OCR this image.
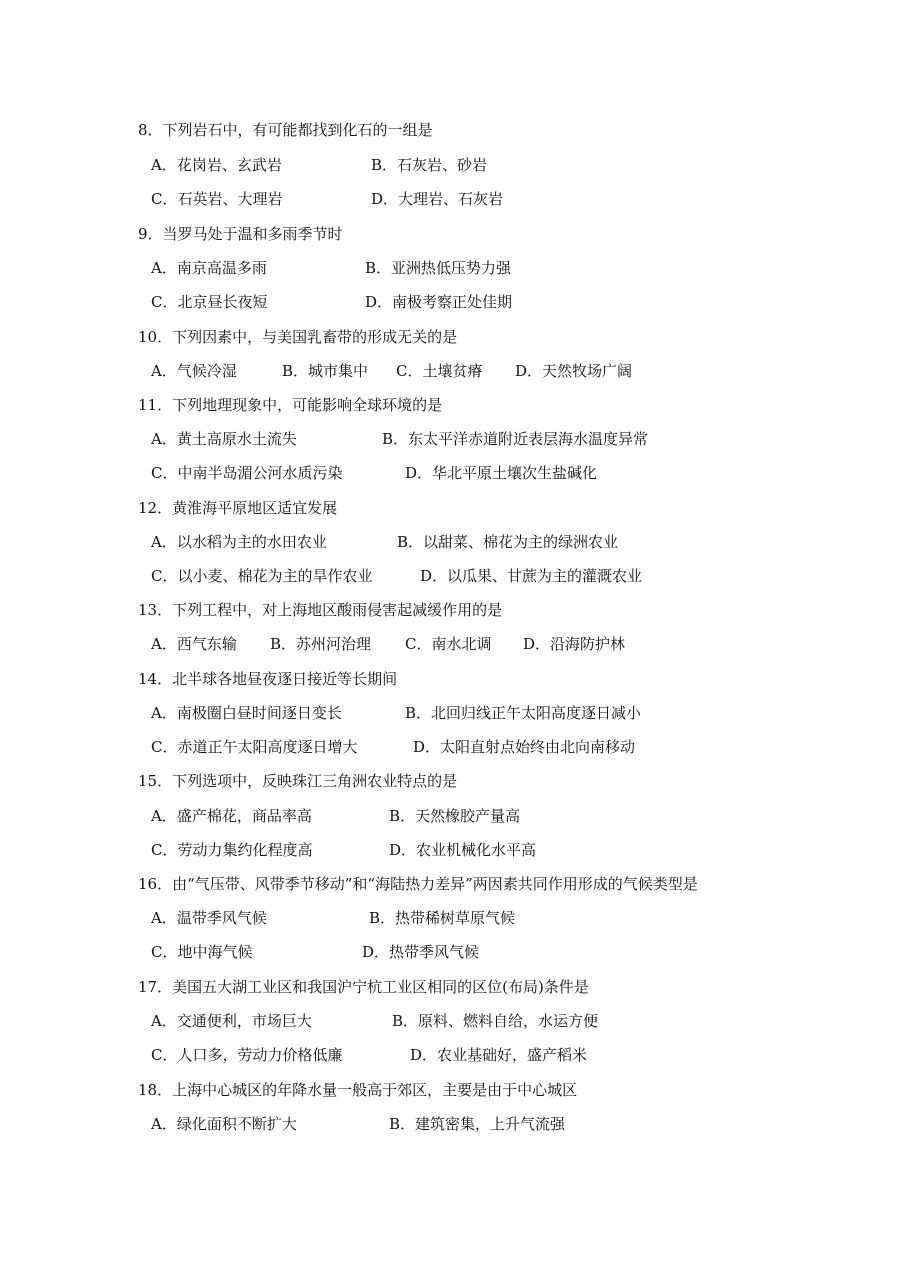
8．下列岩石中，有可能都找到化石的一组是
A．花岗岩、玄武岩	B．石灰岩、砂岩
C．石英岩、大理岩	D．大理岩、石灰岩
9．当罗马处于温和多雨季节时
A．南京高温多雨	B．亚洲热低压势力强
C．北京昼长夜短	D．南极考察正处佳期
10．下列因素中，与美国乳畜带的形成无关的是
A．气候冷湿	B．城市集中 C．土壤贫瘠 D．天然牧场广阔
11．下列地理现象中，可能影响全球环境的是
A．黄土高原水土流失	B．东太平洋赤道附近表层海水温度异常
C．中南半岛湄公河水质污染	D．华北平原土壤次生盐碱化
12．黄淮海平原地区适宜发展
A．以水稻为主的水田农业	B．以甜菜、棉花为主的绿洲农业
C．以小麦、棉花为主的旱作农业	D．以瓜果、甘蔗为主的灌溉农业
13．下列工程中，对上海地区酸雨侵害起减缓作用的是
A．西气东输 B．苏州河治理 C．南水北调 D．沿海防护林
14．北半球各地昼夜逐日接近等长期间
A．南极圈白昼时间逐日变长	B．北回归线正午太阳高度逐日减小
C．赤道正午太阳高度逐日增大	D．太阳直射点始终由北向南移动
15．下列选项中，反映珠江三角洲农业特点的是
A．盛产棉花，商品率高	B．天然橡胶产量高
C．劳动力集约化程度高	D．农业机械化水平高
16．由“气压带、风带季节移动”和“海陆热力差异”两因素共同作用形成的气候类型是
A．温带季风气候	B．热带稀树草原气候
C．地中海气候	D．热带季风气候
17．美国五大湖工业区和我国沪宁杭工业区相同的区位(布局)条件是
A．交通便利，市场巨大	B．原料、燃料自给，水运方便
C．人口多，劳动力价格低廉	D．农业基础好，盛产稻米
18．上海中心城区的年降水量一般高于郊区，主要是由于中心城区
A．绿化面积不断扩大	B．建筑密集，上升气流强
